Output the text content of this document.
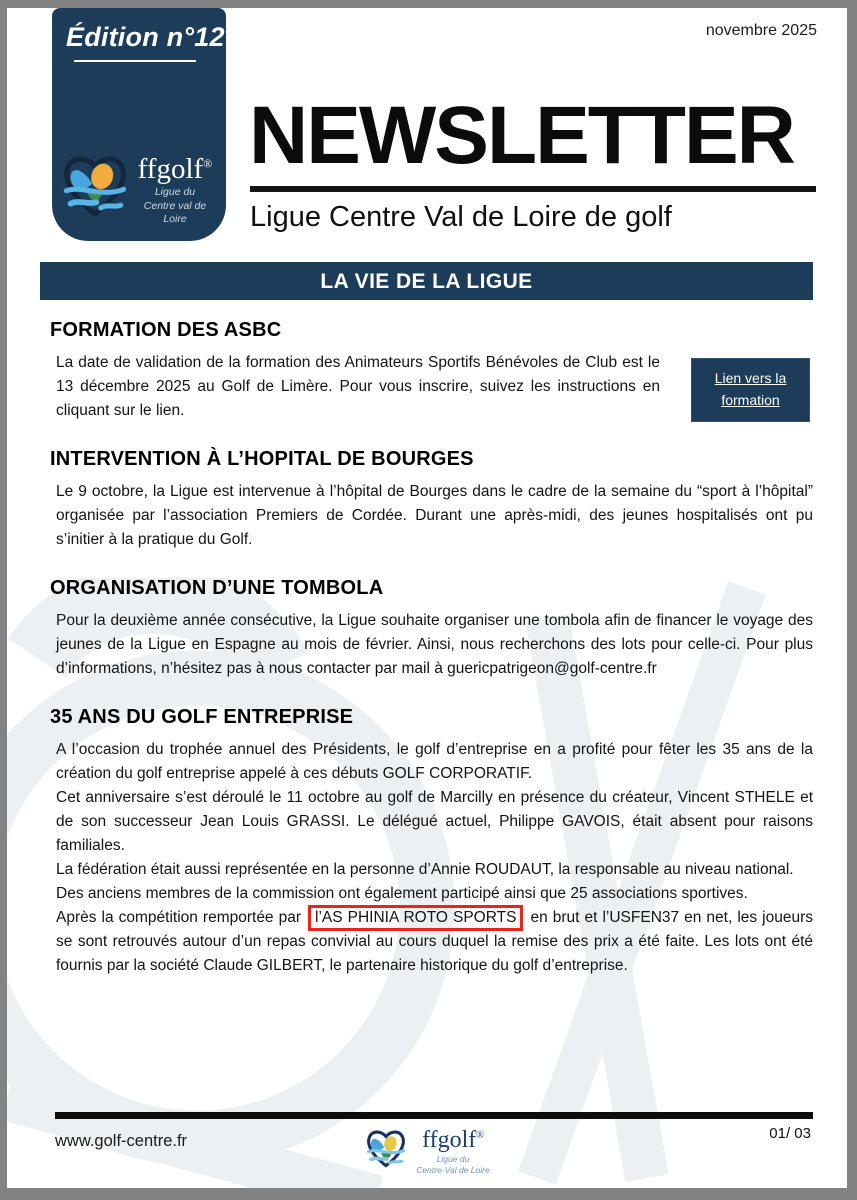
Édition n°12
ffgolf®
Ligue du
Centre val de Loire
novembre 2025
NEWSLETTER
Ligue Centre Val de Loire de golf
LA VIE DE LA LIGUE
FORMATION DES ASBC

La date de validation de la formation des Animateurs Sportifs Bénévoles de Club est le 13 décembre 2025 au Golf de Limère. Pour vous inscrire, suivez les instructions en cliquant sur le lien.

Lien vers la formation
INTERVENTION À L’HOPITAL DE BOURGES

Le 9 octobre, la Ligue est intervenue à l’hôpital de Bourges dans le cadre de la semaine du “sport à l’hôpital” organisée par l’association Premiers de Cordée. Durant une après-midi, des jeunes hospitalisés ont pu s’initier à la pratique du Golf.

ORGANISATION D’UNE TOMBOLA

Pour la deuxième année consécutive, la Ligue souhaite organiser une tombola afin de financer le voyage des jeunes de la Ligue en Espagne au mois de février. Ainsi, nous recherchons des lots pour celle-ci. Pour plus d’informations, n’hésitez pas à nous contacter par mail à guericpatrigeon@golf-centre.fr

35 ANS DU GOLF ENTREPRISE

A l’occasion du trophée annuel des Présidents, le golf d’entreprise en a profité pour fêter les 35 ans de la création du golf entreprise appelé à ces débuts GOLF CORPORATIF.

Cet anniversaire s’est déroulé le 11 octobre au golf de Marcilly en présence du créateur, Vincent STHELE et de son successeur Jean Louis GRASSI. Le délégué actuel, Philippe GAVOIS, était absent pour raisons familiales.

La fédération était aussi représentée en la personne d’Annie ROUDAUT, la responsable au niveau national.

Des anciens membres de la commission ont également participé ainsi que 25 associations sportives.

Après la compétition remportée par l’AS PHINIA ROTO SPORTS en brut et l’USFEN37 en net, les joueurs se sont retrouvés autour d’un repas convivial au cours duquel la remise des prix a été faite. Les lots ont été fournis par la société Claude GILBERT, le partenaire historique du golf d’entreprise.

www.golf-centre.fr	01/ 03
ffgolf®
Ligue du
Centre-Val de Loire
